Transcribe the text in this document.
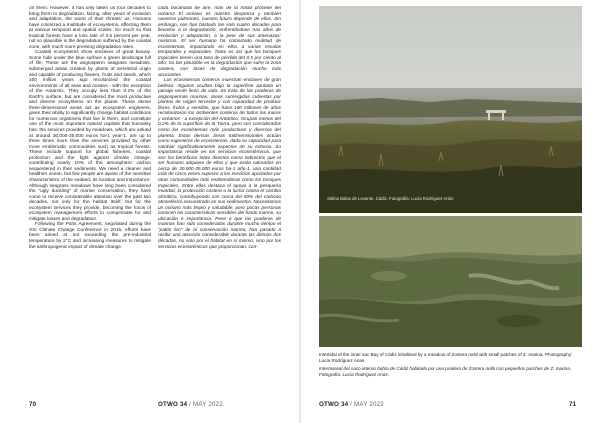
on them. However, it has only taken us four decades to bring them to degradation, facing, after years of evolution and adaptation, the worst of their threats: us. Humans have colonized a multitude of ecosystems, affecting them at various temporal and spatial scales. So much so that tropical forests have a loss rate of 0.5 percent per year, not so plausible is the degradation suffered by the coastal zone, with much more pressing degradation rates.

Coastal ecosystems show enclaves of great beauty. Some hide under the blue surface a green landscape full of life. These are the angiosperm seagrass meadows, submerged areas created by plants of terrestrial origin and capable of producing flowers, fruits and seeds, which 100 million years ago recolonized the coastal environments of all seas and oceans - with the exception of the Antarctic. They occupy less than 0.2% of the Earth's surface, but are considered the most productive and diverse ecosystems on the planet. These dense three-dimensional areas act as ecosystem engineers, given their ability to significantly change habitat conditions for numerous organisms that live in them, and constitute one of the most important natural capitals that humanity has: the services provided by meadows, which are valued at around 30,000-35,000 euros ha-1 year-1, are up to three times more than the services provided by other more emblematic communities such as tropical forests. These include support for global fisheries, coastal protection and the fight against climate change, contributing nearly 10% of the atmospheric carbon sequestered in their sediments. We need a cleaner and healthier ocean, but few people are aware of the sensitive characteristics of the seabed, its location and importance. Although seagrass meadows have long been considered the "ugly duckling" of marine conservation, they have come to receive considerable attention over the past two decades, not only for the habitat itself, but for the ecosystem services they provide, becoming the focus of ecosystem management efforts to compensate for and mitigate losses and degradation.

Following the Paris Agreement, negotiated during the XXI Climate Change Conference in 2015, efforts have been aimed at not exceeding the pre-industrial temperature by 2°C and increasing measures to mitigate the anthropogenic impact of climate change.

cada bocanada de aire, más de la mitad procede del océano! El océano es nuestro despensa y también nuestros pulmones, nuestro futuro depende de ellos. Sin embargo, nos han bastado tan solo cuatro décadas para llevarlos a la degradación, enfrentándose tras años de evolución y adaptación, a la peor de sus amenazas: nosotros. El ser humano ha colonizado multitud de ecosistemas, impactando en ellos a varias escalas temporales y espaciales. Tanto es así que los bosques tropicales tienen una tasa de pérdida del 0,5 por ciento al año; no tan plausible es la degradación que sufre la zona costera, con tasas de degradación mucho más acuciantes.

Los ecosistemas costeros muestran enclaves de gran belleza. Algunos ocultan bajo la superficie azulada un paisaje verde lleno de vida. Se trata de las praderas de angiospermas marinas, áreas sumergidas cubiertas por plantas de origen terrestre y con capacidad de producir flores, frutos y semillas, que hace 100 millones de años recolonizaron los ambientes costeros de todos los mares y océanos - a excepción del Antártico. Ocupan menos del 0,2% de la superficie de la Tierra, pero son considerados como los ecosistemas más productivos y diversos del planeta. Estas densas áreas tridimensionales actúan como ingenieros de ecosistemas, dada su capacidad para cambiar significativamente aspectos de su entorno. Su importancia reside en los servicios ecosistémicos, que son los beneficios tanto directos como indirectos que el ser humano adquiere de ellos y que están valorados en cerca de 30.000-35.000 euros ha-1 año-1, una cantidad más de cinco veces superior a los servicios aportados por otras comunidades más emblemáticas como los bosques tropicales. Entre ellos destaca el apoyo a la pesquería mundial, la protección costera o la lucha contra el cambio climático, contribuyendo con cerca del 50% del carbono atmosférico secuestrado en sus sedimentos. Necesitamos un océano más limpio y saludable, pero pocas personas conocen las características sensibles del fondo marino, su ubicación e importancia. Pese a que las praderas de marinas han sido consideradas durante mucho tiempo el "patito feo" de la conservación marina, han pasado a recibir una atención considerable durante las últimas dos décadas, no solo por el hábitat en sí mismo, sino por los servicios ecosistémicos que proporcionan, con-

70	OTWO 34 / MAY 2022
Salina Balsa de Levante, Cádiz. Fotografía: Lucía Rodríguez Arias
Intertidal of the inner sac Bay of Cádiz inhabited by a meadow of Zostera noltii with small patches of Z. marina. Photography: Lucía Rodríguez Arias.
Intermareal del saco interno bahía de Cádiz habitado por una pradera de Zostera noltii con pequeños parches de Z. marina. Fotografía: Lucía Rodríguez Arias.
OTWO 34 / MAY 2022	71
